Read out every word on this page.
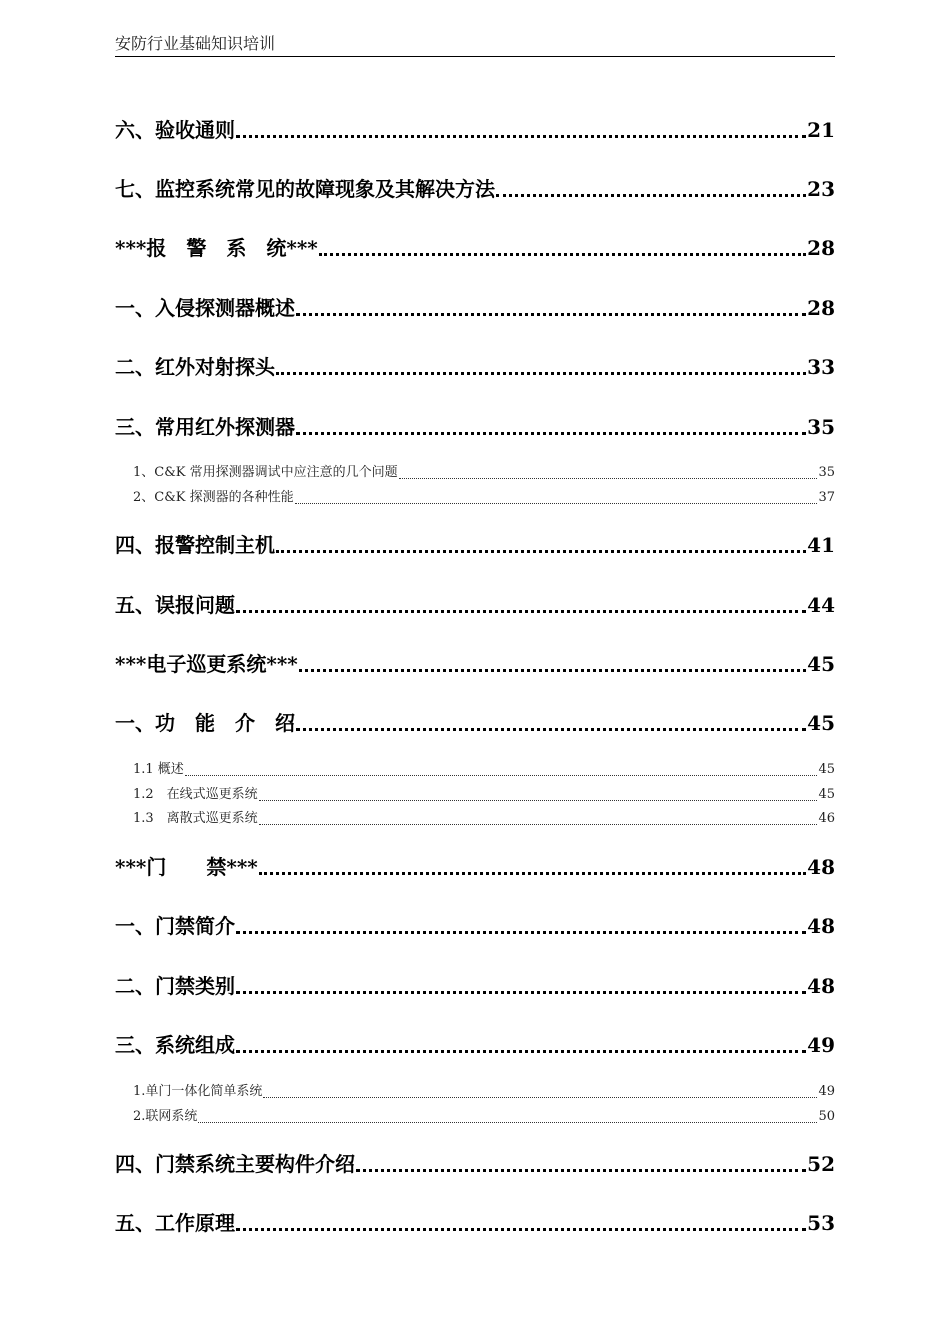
安防行业基础知识培训
六、验收通则	21
七、监控系统常见的故障现象及其解决方法	23
***报　警　系　统***	28
一、入侵探测器概述	28
二、红外对射探头	33
三、常用红外探测器	35
1、C&K 常用探测器调试中应注意的几个问题	35
2、C&K 探测器的各种性能	37
四、报警控制主机	41
五、误报问题	44
***电子巡更系统***	45
一、功　能　介　绍	45
1.1 概述	45
1.2　在线式巡更系统	45
1.3　离散式巡更系统	46
***门　　禁***	48
一、门禁简介	48
二、门禁类别	48
三、系统组成	49
1.单门一体化简单系统	49
2.联网系统	50
四、门禁系统主要构件介绍	52
五、工作原理	53
